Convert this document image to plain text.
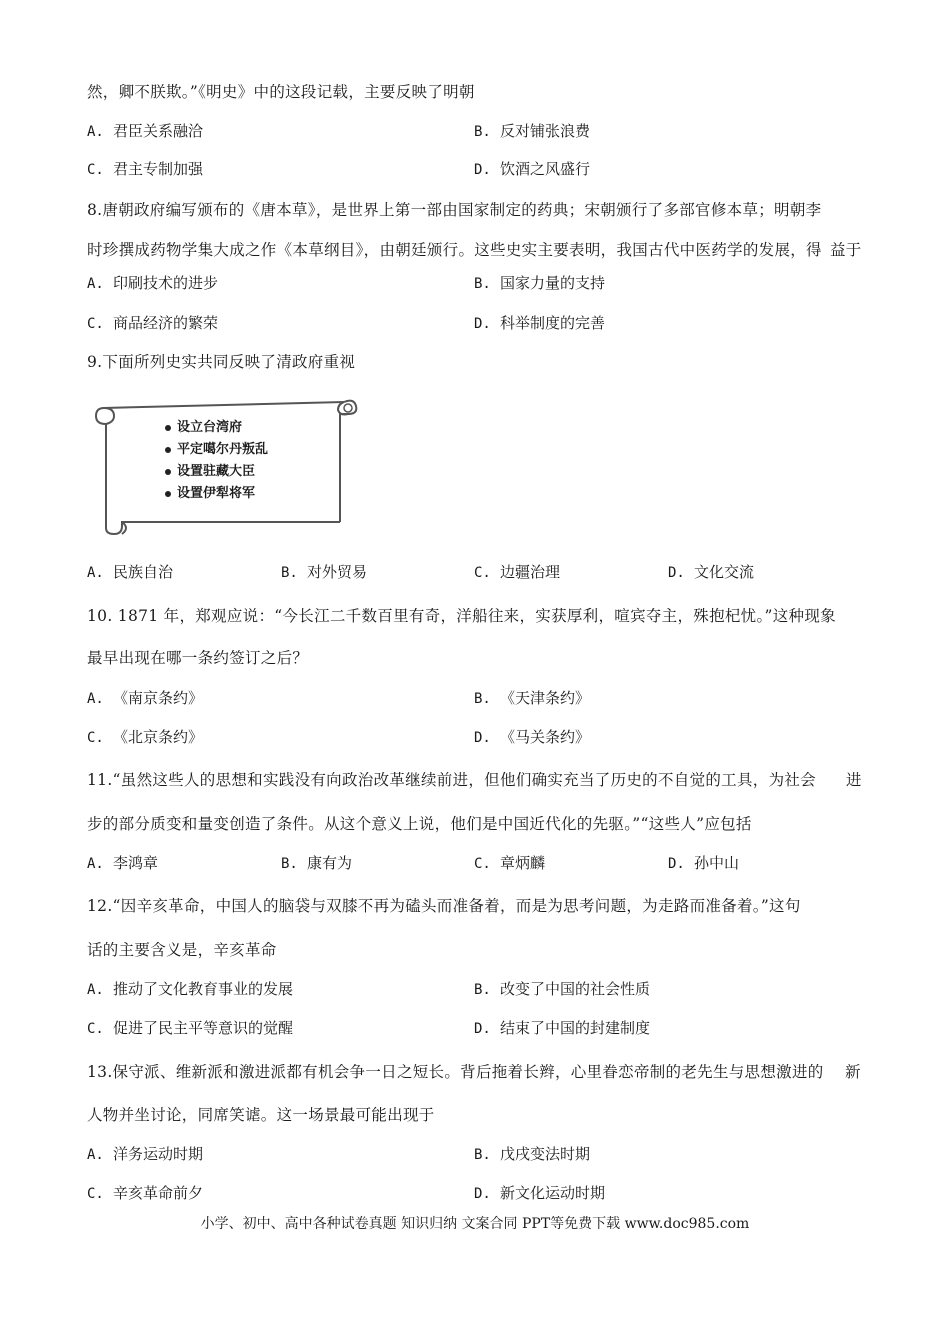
然，卿不朕欺。”《明史》中的这段记载，主要反映了明朝
A. 君臣关系融洽	B. 反对铺张浪费
C. 君主专制加强	D. 饮酒之风盛行
8.唐朝政府编写颁布的《唐本草》，是世界上第一部由国家制定的药典；宋朝颁行了多部官修本草；明朝李
时珍撰成药物学集大成之作《本草纲目》，由朝廷颁行。这些史实主要表明，我国古代中医药学的发展，得 益于
A. 印刷技术的进步	B. 国家力量的支持
C. 商品经济的繁荣	D. 科举制度的完善
9.下面所列史实共同反映了清政府重视
设立台湾府
平定噶尔丹叛乱
设置驻藏大臣
设置伊犁将军
A. 民族自治	B. 对外贸易	C. 边疆治理	D. 文化交流
10. 1871 年，郑观应说：“今长江二千数百里有奇，洋船往来，实获厚利，喧宾夺主，殊抱杞忧。”这种现象
最早出现在哪一条约签订之后？
A. 《南京条约》	B. 《天津条约》
C. 《北京条约》	D. 《马关条约》
11.“虽然这些人的思想和实践没有向政治改革继续前进，但他们确实充当了历史的不自觉的工具，为社会 进
步的部分质变和量变创造了条件。从这个意义上说，他们是中国近代化的先驱。”“这些人”应包括
A. 李鸿章	B. 康有为	C. 章炳麟	D. 孙中山
12.“因辛亥革命，中国人的脑袋与双膝不再为磕头而准备着，而是为思考问题，为走路而准备着。”这句
话的主要含义是，辛亥革命
A. 推动了文化教育事业的发展	B. 改变了中国的社会性质
C. 促进了民主平等意识的觉醒	D. 结束了中国的封建制度
13.保守派、维新派和激进派都有机会争一日之短长。背后拖着长辫，心里眷恋帝制的老先生与思想激进的 新
人物并坐讨论，同席笑谑。这一场景最可能出现于
A. 洋务运动时期	B. 戊戌变法时期
C. 辛亥革命前夕	D. 新文化运动时期
小学、初中、高中各种试卷真题 知识归纳 文案合同 PPT等免费下载 www.doc985.com
